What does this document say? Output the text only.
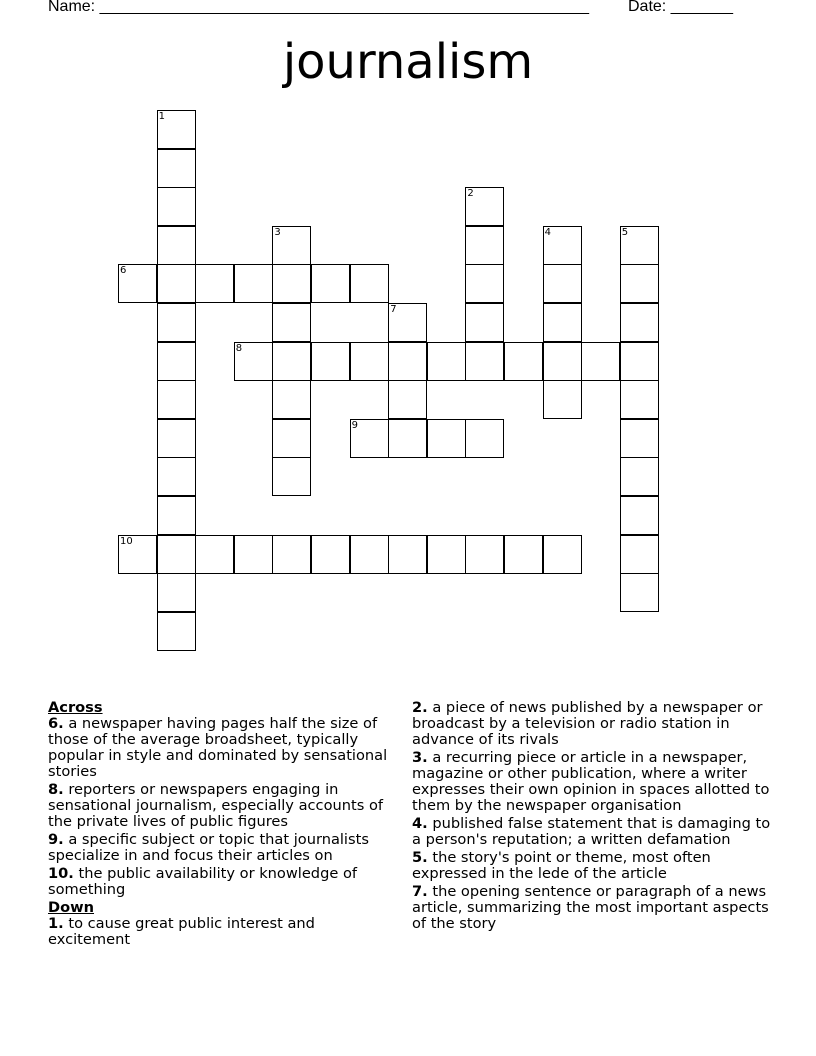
Name: _______________________________________________________ Date: _______
journalism
1
2
3	4	5
6
7
8
9
10
Across
6. a newspaper having pages half the size of those of the average broadsheet, typically popular in style and dominated by sensational stories
8. reporters or newspapers engaging in sensational journalism, especially accounts of the private lives of public figures
9. a specific subject or topic that journalists specialize in and focus their articles on
10. the public availability or knowledge of something
Down
1. to cause great public interest and excitement
2. a piece of news published by a newspaper or broadcast by a television or radio station in advance of its rivals
3. a recurring piece or article in a newspaper, magazine or other publication, where a writer expresses their own opinion in spaces allotted to them by the newspaper organisation
4. published false statement that is damaging to a person's reputation; a written defamation
5. the story's point or theme, most often expressed in the lede of the article
7. the opening sentence or paragraph of a news article, summarizing the most important aspects of the story
